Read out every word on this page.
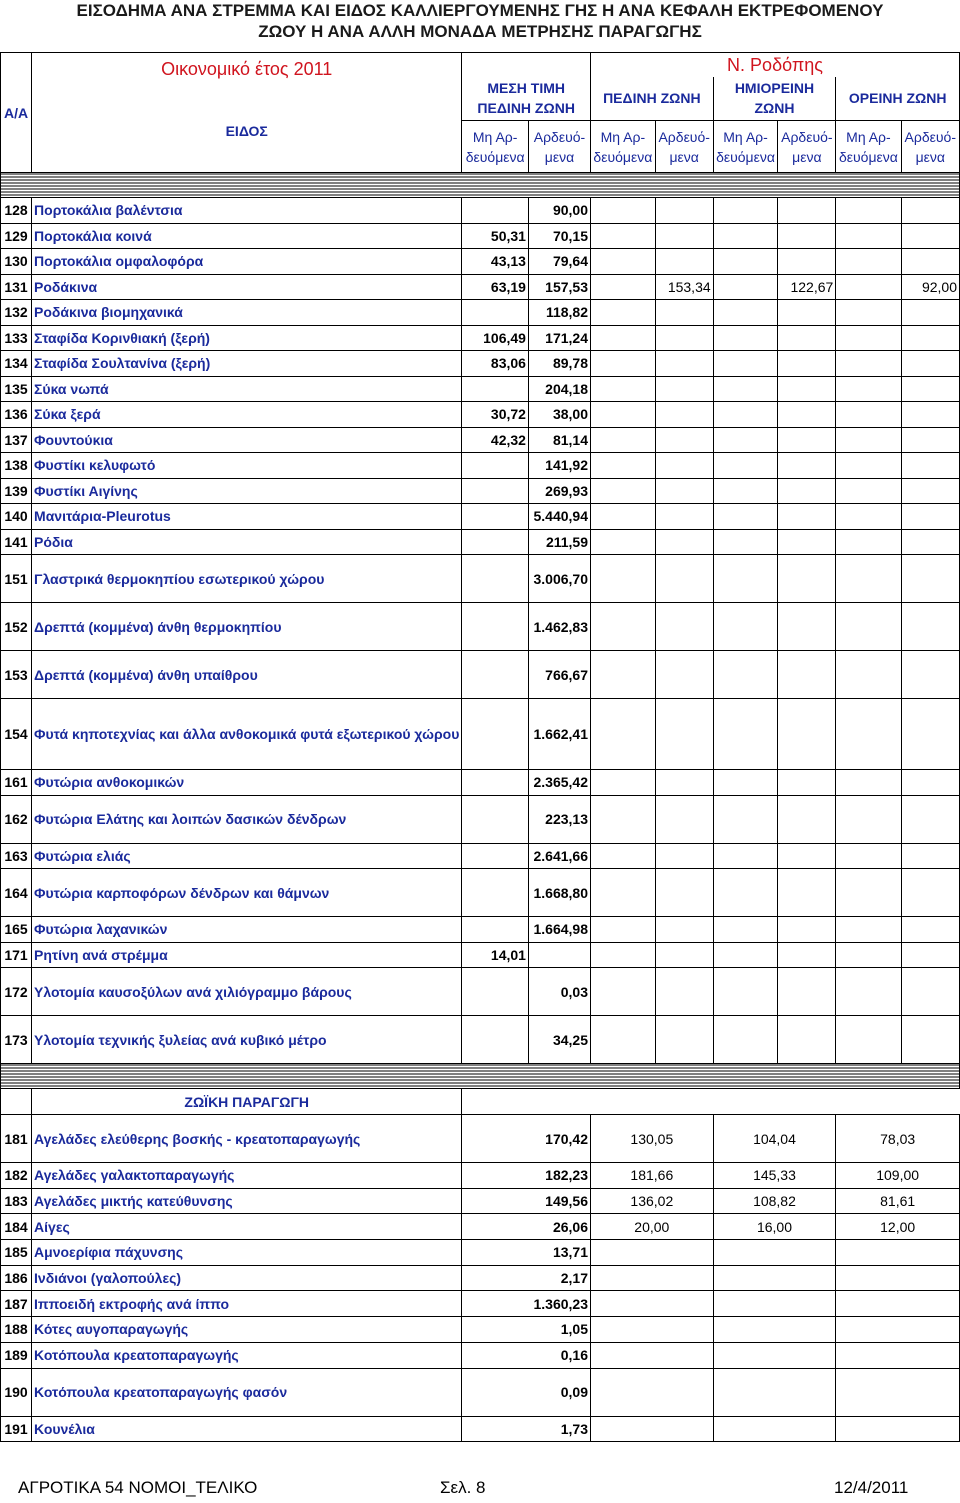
ΕΙΣΟΔΗΜΑ ΑΝΑ ΣΤΡΕΜΜΑ ΚΑΙ ΕΙΔΟΣ ΚΑΛΛΙΕΡΓΟΥΜΕΝΗΣ ΓΗΣ Η ΑΝΑ ΚΕΦΑΛΗ ΕΚΤΡΕΦΟΜΕΝΟΥ
ΖΩΟΥ Η ΑΝΑ ΑΛΛΗ ΜΟΝΑΔΑ ΜΕΤΡΗΣΗΣ ΠΑΡΑΓΩΓΗΣ
Α/Α	Οικονομικό έτος 2011
ΕΙΔΟΣ			Ν. Ροδόπης					
		ΜΕΣΗ ΤΙΜΗ ΠΕΔΙΝΗ ΖΩΝΗ		ΠΕΔΙΝΗ ΖΩΝΗ		ΗΜΙΟΡΕΙΝΗ ΖΩΝΗ		ΟΡΕΙΝΗ ΖΩΝΗ	
		Μη Αρ-δευόμενα	Αρδευό-μενα	Μη Αρ-δευόμενα	Αρδευό-μενα	Μη Αρ-δευόμενα	Αρδευό-μενα	Μη Αρ-δευόμενα	Αρδευό-μενα

128	Πορτοκάλια βαλέντσια		90,00						
129	Πορτοκάλια κοινά	50,31	70,15						
130	Πορτοκάλια ομφαλοφόρα	43,13	79,64						
131	Ροδάκινα	63,19	157,53		153,34		122,67		92,00
132	Ροδάκινα βιομηχανικά		118,82						
133	Σταφίδα Κορινθιακή (ξερή)	106,49	171,24						
134	Σταφίδα Σουλτανίνα (ξερή)	83,06	89,78						
135	Σύκα νωπά		204,18						
136	Σύκα ξερά	30,72	38,00						
137	Φουντούκια	42,32	81,14						
138	Φυστίκι κελυφωτό		141,92						
139	Φυστίκι Αιγίνης		269,93						
140	Μανιτάρια-Pleurotus		5.440,94						
141	Ρόδια		211,59						
151	Γλαστρικά θερμοκηπίου εσωτερικού χώρου		3.006,70						
152	Δρεπτά (κομμένα) άνθη θερμοκηπίου		1.462,83						
153	Δρεπτά (κομμένα) άνθη υπαίθρου		766,67						
154	Φυτά κηποτεχνίας και άλλα ανθοκομικά φυτά εξωτερικού χώρου		1.662,41						
161	Φυτώρια ανθοκομικών		2.365,42						
162	Φυτώρια Ελάτης και λοιπών δασικών δένδρων		223,13						
163	Φυτώρια ελιάς		2.641,66						
164	Φυτώρια καρποφόρων δένδρων και θάμνων		1.668,80						
165	Φυτώρια λαχανικών		1.664,98						
171	Ρητίνη ανά στρέμμα	14,01							
172	Υλοτομία καυσοξύλων ανά χιλιόγραμμο βάρους		0,03						
173	Υλοτομία τεχνικής ξυλείας ανά κυβικό μέτρο		34,25						

	ΖΩΪΚΗ ΠΑΡΑΓΩΓΗ								
181	Αγελάδες ελεύθερης βοσκής - κρεατοπαραγωγής	170,42		130,05		104,04		78,03	
182	Αγελάδες γαλακτοπαραγωγής	182,23		181,66		145,33		109,00	
183	Αγελάδες μικτής κατεύθυνσης	149,56		136,02		108,82		81,61	
184	Αίγες	26,06		20,00		16,00		12,00	
185	Αμνοερίφια πάχυνσης	13,71							
186	Ινδιάνοι (γαλοπούλες)	2,17							
187	Ιπποειδή εκτροφής ανά ίππο	1.360,23							
188	Κότες αυγοπαραγωγής	1,05							
189	Κοτόπουλα κρεατοπαραγωγής	0,16							
190	Κοτόπουλα κρεατοπαραγωγής φασόν	0,09							
191	Κουνέλια	1,73							
ΑΓΡΟΤΙΚΑ 54 ΝΟΜΟΙ_ΤΕΛΙΚΟ	Σελ. 8	12/4/2011
